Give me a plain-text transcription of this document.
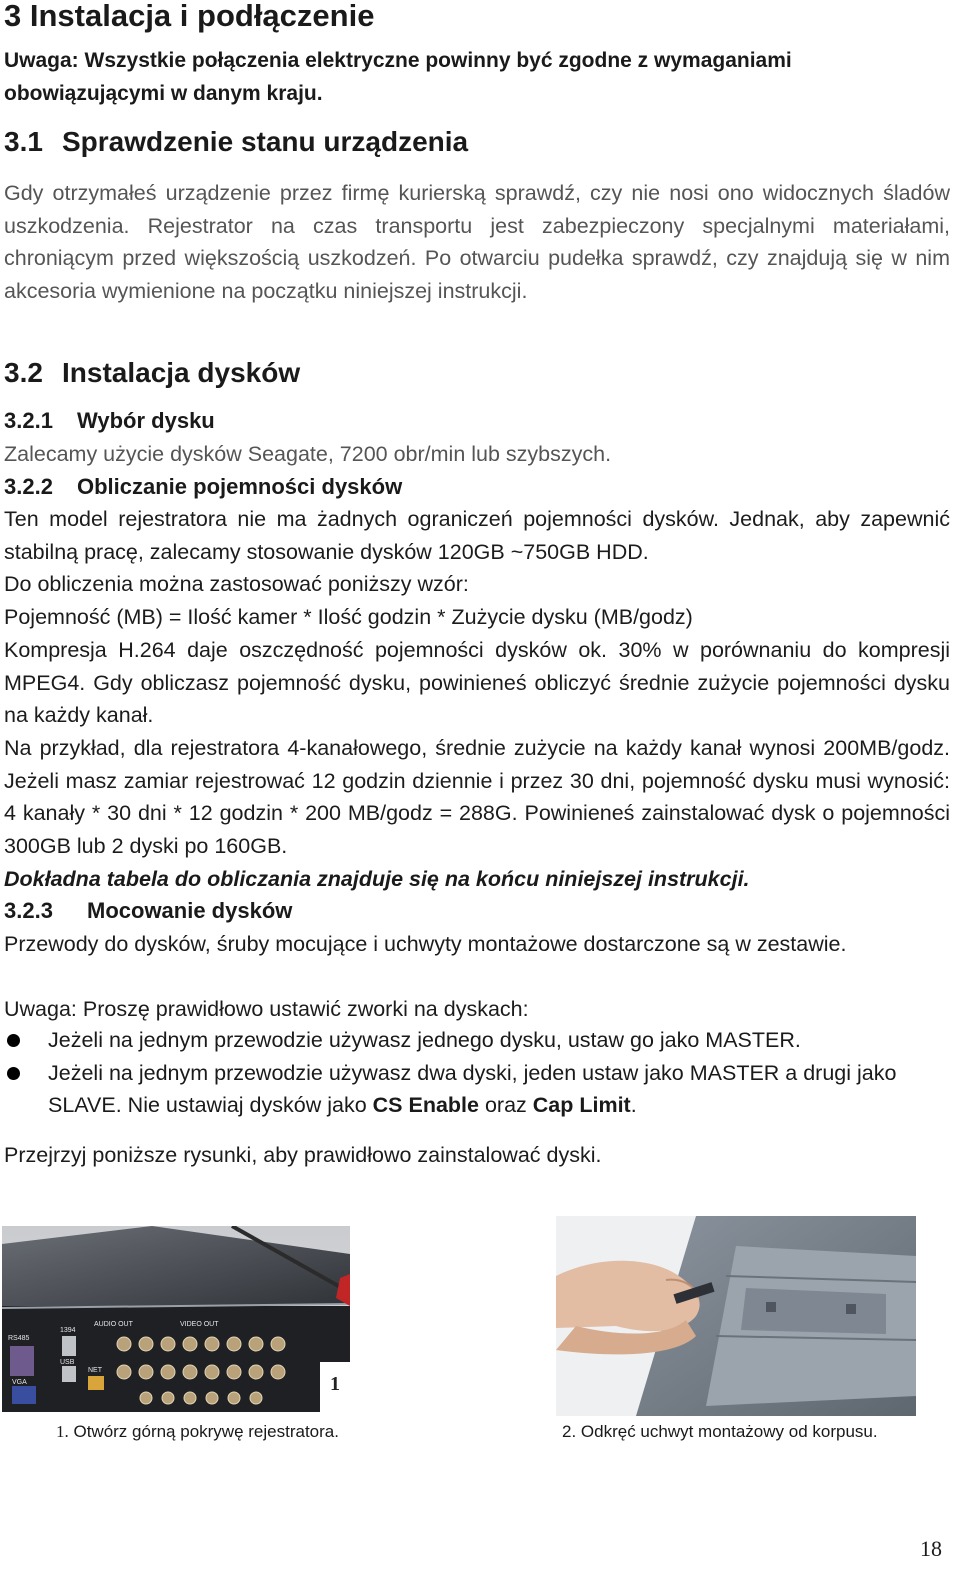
3 Instalacja i podłączenie
Uwaga: Wszystkie połączenia elektryczne powinny być zgodne z wymaganiami obowiązującymi w danym kraju.
3.1 Sprawdzenie stanu urządzenia

Gdy otrzymałeś urządzenie przez firmę kurierską sprawdź, czy nie nosi ono widocznych śladów uszkodzenia. Rejestrator na czas transportu jest zabezpieczony specjalnymi materiałami, chroniącym przed większością uszkodzeń. Po otwarciu pudełka sprawdź, czy znajdują się w nim akcesoria wymienione na początku niniejszej instrukcji.

3.2 Instalacja dysków
3.2.1 Wybór dysku

Zalecamy użycie dysków Seagate, 7200 obr/min lub szybszych.

3.2.2 Obliczanie pojemności dysków

Ten model rejestratora nie ma żadnych ograniczeń pojemności dysków. Jednak, aby zapewnić stabilną pracę, zalecamy stosowanie dysków 120GB ~750GB HDD.

Do obliczenia można zastosować poniższy wzór:

Pojemność (MB) = Ilość kamer * Ilość godzin * Zużycie dysku (MB/godz)

Kompresja H.264 daje oszczędność pojemności dysków ok. 30% w porównaniu do kompresji MPEG4. Gdy obliczasz pojemność dysku, powinieneś obliczyć średnie zużycie pojemności dysku na każdy kanał.

Na przykład, dla rejestratora 4-kanałowego, średnie zużycie na każdy kanał wynosi 200MB/godz. Jeżeli masz zamiar rejestrować 12 godzin dziennie i przez 30 dni, pojemność dysku musi wynosić: 4 kanały * 30 dni * 12 godzin * 200 MB/godz = 288G. Powinieneś zainstalować dysk o pojemności 300GB lub 2 dyski po 160GB.

Dokładna tabela do obliczania znajduje się na końcu niniejszej instrukcji.

3.2.3 Mocowanie dysków

Przewody do dysków, śruby mocujące i uchwyty montażowe dostarczone są w zestawie.

Uwaga: Proszę prawidłowo ustawić zworki na dyskach:

Jeżeli na jednym przewodzie używasz jednego dysku, ustaw go jako MASTER.
Jeżeli na jednym przewodzie używasz dwa dyski, jeden ustaw jako MASTER a drugi jako SLAVE. Nie ustawiaj dysków jako CS Enable oraz Cap Limit.

Przejrzyj poniższe rysunki, aby prawidłowo zainstalować dyski.

RS485
1394
USB
VGA
NET
AUDIO OUT	VIDEO OUT
1
1. Otwórz górną pokrywę rejestratora.	2. Odkręć uchwyt montażowy od korpusu.
18
